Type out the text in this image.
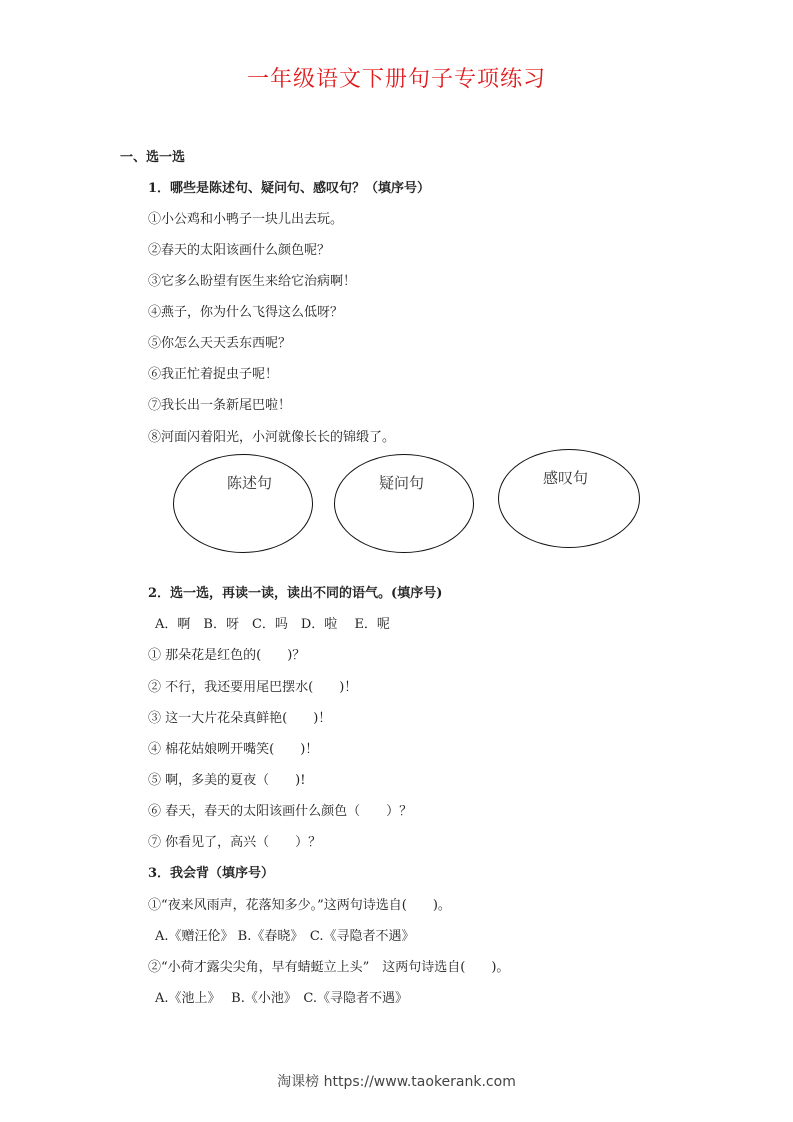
一年级语文下册句子专项练习
一、选一选
1．哪些是陈述句、疑问句、感叹句？（填序号）
①小公鸡和小鸭子一块儿出去玩。
②春天的太阳该画什么颜色呢？
③它多么盼望有医生来给它治病啊！
④燕子，你为什么飞得这么低呀？
⑤你怎么天天丢东西呢？
⑥我正忙着捉虫子呢！
⑦我长出一条新尾巴啦！
⑧河面闪着阳光，小河就像长长的锦缎了。
陈述句	疑问句	感叹句
2．选一选，再读一读，读出不同的语气。(填序号)
A．啊　B．呀　C．吗　D．啦　 E．呢
① 那朵花是红色的(　　)？
② 不行，我还要用尾巴摆水(　　)！
③ 这一大片花朵真鲜艳(　　)！
④ 棉花姑娘咧开嘴笑(　　)！
⑤ 啊，多美的夏夜（　　)!
⑥ 春天，春天的太阳该画什么颜色（　　）？
⑦ 你看见了，高兴（　　）？
3．我会背（填序号）
①“夜来风雨声，花落知多少。”这两句诗选自(　　)。
A.《赠汪伦》 B.《春晓》　C.《寻隐者不遇》
②“小荷才露尖尖角，早有蜻蜓立上头”　这两句诗选自(　　)。
A.《池上》　 B.《小池》　C.《寻隐者不遇》
淘课榜 https://www.taokerank.com
